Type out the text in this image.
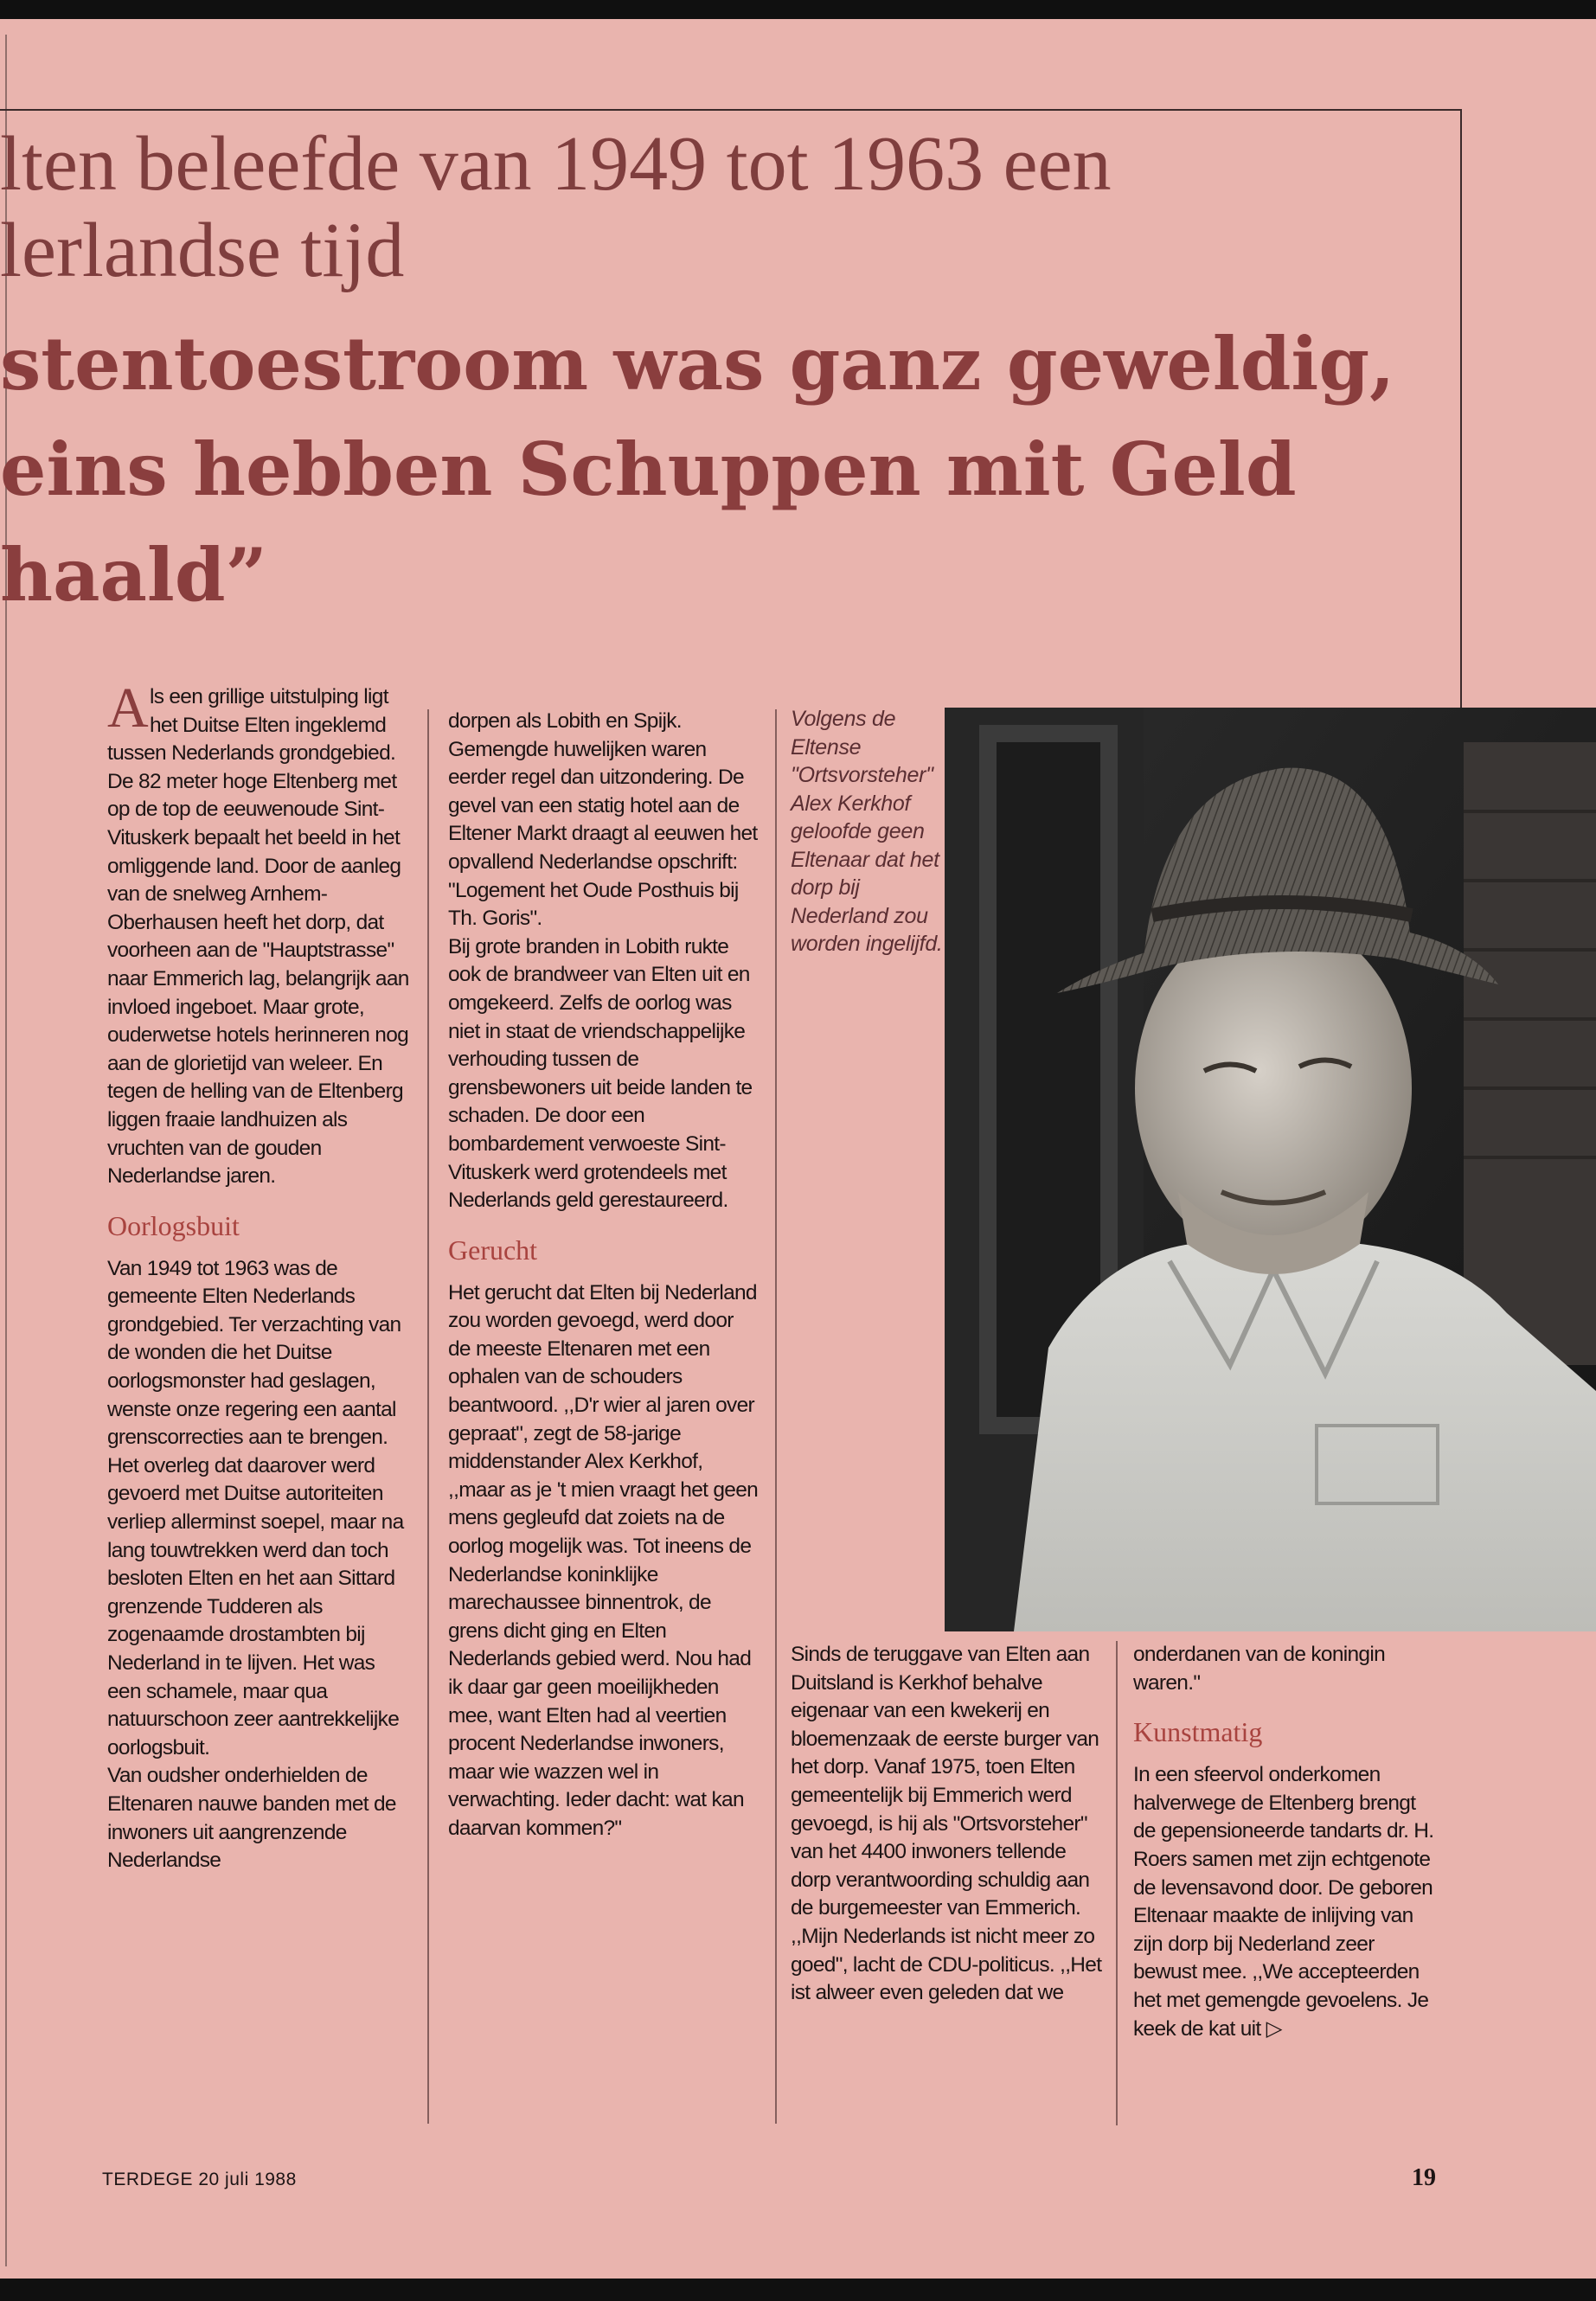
lten beleefde van 1949 tot 1963 een
lerlandse tijd
stentoestroom was ganz geweldig,
eins hebben Schuppen mit Geld
haald”

Als een grillige uitstulping ligt het Duitse Elten ingeklemd tussen Nederlands grondgebied. De 82 meter hoge Eltenberg met op de top de eeuwenoude Sint-Vituskerk bepaalt het beeld in het omliggende land. Door de aanleg van de snelweg Arnhem-Oberhausen heeft het dorp, dat voorheen aan de "Hauptstrasse" naar Emmerich lag, belangrijk aan invloed ingeboet. Maar grote, ouderwetse hotels herinneren nog aan de glorietijd van weleer. En tegen de helling van de Eltenberg liggen fraaie landhuizen als vruchten van de gouden Nederlandse jaren.

Oorlogsbuit

Van 1949 tot 1963 was de gemeente Elten Nederlands grondgebied. Ter verzachting van de wonden die het Duitse oorlogsmonster had geslagen, wenste onze regering een aantal grenscorrecties aan te brengen. Het overleg dat daarover werd gevoerd met Duitse autoriteiten verliep allerminst soepel, maar na lang touwtrekken werd dan toch besloten Elten en het aan Sittard grenzende Tudderen als zogenaamde drostambten bij Nederland in te lijven. Het was een schamele, maar qua natuurschoon zeer aantrekkelijke oorlogsbuit.

Van oudsher onderhielden de Eltenaren nauwe banden met de inwoners uit aangrenzende Nederlandse

dorpen als Lobith en Spijk. Gemengde huwelijken waren eerder regel dan uitzondering. De gevel van een statig hotel aan de Eltener Markt draagt al eeuwen het opvallend Nederlandse opschrift: "Logement het Oude Posthuis bij Th. Goris".

Bij grote branden in Lobith rukte ook de brandweer van Elten uit en omgekeerd. Zelfs de oorlog was niet in staat de vriendschappelijke verhouding tussen de grensbewoners uit beide landen te schaden. De door een bombardement verwoeste Sint-Vituskerk werd grotendeels met Nederlands geld gerestaureerd.

Gerucht

Het gerucht dat Elten bij Nederland zou worden gevoegd, werd door de meeste Eltenaren met een ophalen van de schouders beantwoord. ,,D'r wier al jaren over gepraat", zegt de 58-jarige middenstander Alex Kerkhof, ,,maar as je 't mien vraagt het geen mens gegleufd dat zoiets na de oorlog mogelijk was. Tot ineens de Nederlandse koninklijke marechaussee binnentrok, de grens dicht ging en Elten Nederlands gebied werd. Nou had ik daar gar geen moeilijkheden mee, want Elten had al veertien procent Nederlandse inwoners, maar wie wazzen wel in verwachting. Ieder dacht: wat kan daarvan kommen?"

Volgens de Eltense "Ortsvorsteher" Alex Kerkhof geloofde geen Eltenaar dat het dorp bij Nederland zou worden ingelijfd.

Sinds de teruggave van Elten aan Duitsland is Kerkhof behalve eigenaar van een kwekerij en bloemenzaak de eerste burger van het dorp. Vanaf 1975, toen Elten gemeentelijk bij Emmerich werd gevoegd, is hij als "Ortsvorsteher" van het 4400 inwoners tellende dorp verantwoording schuldig aan de burgemeester van Emmerich. ,,Mijn Nederlands ist nicht meer zo goed", lacht de CDU-politicus. ,,Het ist alweer even geleden dat we

onderdanen van de koningin waren."

Kunstmatig

In een sfeervol onderkomen halverwege de Eltenberg brengt de gepensioneerde tandarts dr. H. Roers samen met zijn echtgenote de levensavond door. De geboren Eltenaar maakte de inlijving van zijn dorp bij Nederland zeer bewust mee. ,,We accepteerden het met gemengde gevoelens. Je keek de kat uit ▷

TERDEGE 20 juli 1988	19
